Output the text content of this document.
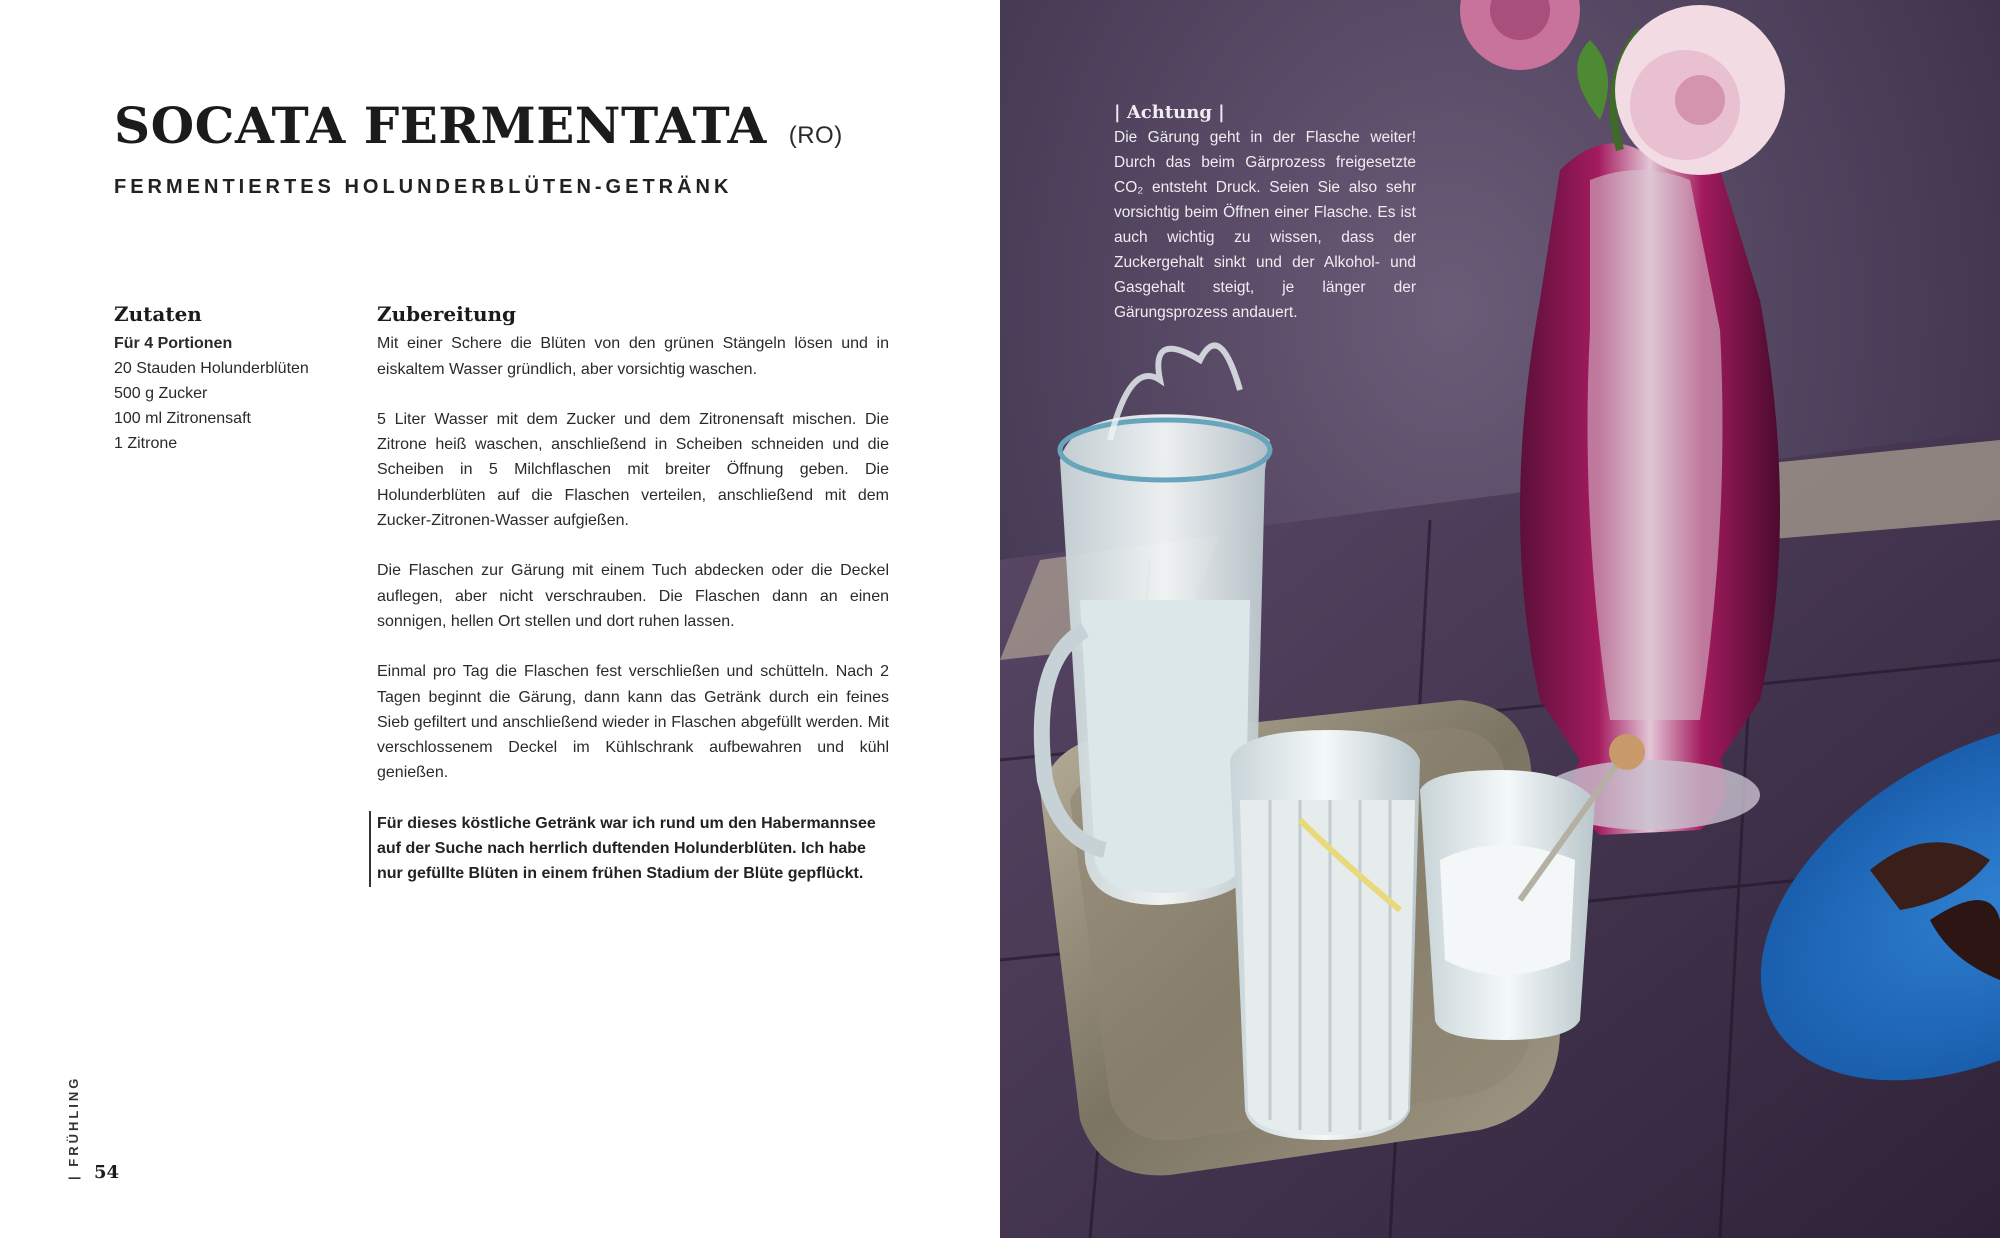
SOCATA FERMENTATA (RO)
FERMENTIERTES HOLUNDERBLÜTEN-GETRÄNK
Zutaten
Für 4 Portionen
20 Stauden Holunderblüten
500 g Zucker
100 ml Zitronensaft
1 Zitrone
Zubereitung

Mit einer Schere die Blüten von den grünen Stängeln lösen und in eiskaltem Wasser gründlich, aber vorsichtig waschen.

5 Liter Wasser mit dem Zucker und dem Zitronensaft mischen. Die Zitrone heiß waschen, anschließend in Scheiben schneiden und die Scheiben in 5 Milchflaschen mit breiter Öffnung geben. Die Holunderblüten auf die Flaschen verteilen, anschließend mit dem Zucker-Zitronen-Wasser aufgießen.

Die Flaschen zur Gärung mit einem Tuch abdecken oder die Deckel auflegen, aber nicht verschrauben. Die Flaschen dann an einen sonnigen, hellen Ort stellen und dort ruhen lassen.

Einmal pro Tag die Flaschen fest verschließen und schütteln. Nach 2 Tagen beginnt die Gärung, dann kann das Getränk durch ein feines Sieb gefiltert und anschließend wieder in Flaschen abgefüllt werden. Mit verschlossenem Deckel im Kühlschrank aufbewahren und kühl genießen.

Für dieses köstliche Getränk war ich rund um den Habermannsee auf der Suche nach herrlich duftenden Holunderblüten. Ich habe nur gefüllte Blüten in einem frühen Stadium der Blüte gepflückt.

| FRÜHLING 54
| Achtung |

Die Gärung geht in der Flasche weiter! Durch das beim Gärprozess freigesetzte CO₂ entsteht Druck. Seien Sie also sehr vorsichtig beim Öffnen einer Flasche. Es ist auch wichtig zu wissen, dass der Zuckergehalt sinkt und der Alkohol- und Gasgehalt steigt, je länger der Gärungsprozess andauert.
